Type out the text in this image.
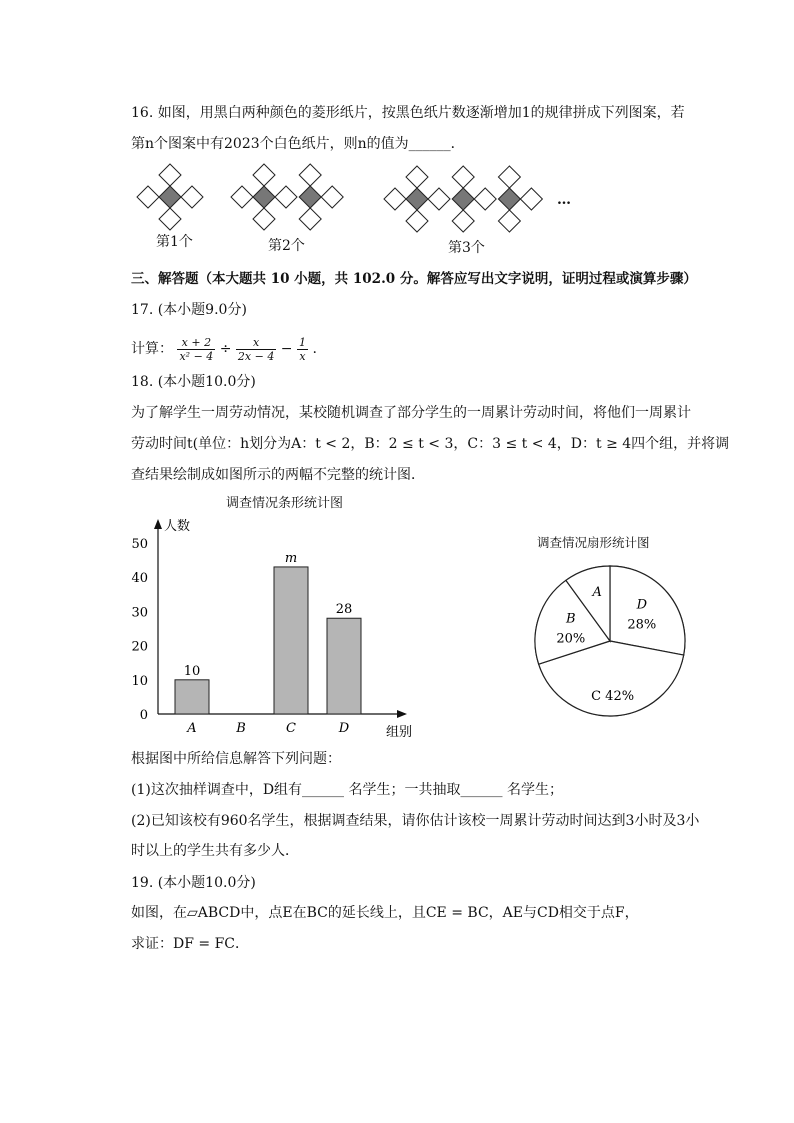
16. 如图，用黑白两种颜色的菱形纸片，按黑色纸片数逐渐增加1的规律拼成下列图案，若
第n个图案中有2023个白色纸片，则n的值为______．
第1个	第2个	第3个
…
三、解答题（本大题共 10 小题，共 102.0 分。解答应写出文字说明，证明过程或演算步骤）
17. (本小题9.0分)
计算： $\frac{x + 2}{\text{x² − 4}} \div \frac{x}{2x - 4} - \frac{1}{x}$ .
18. (本小题10.0分)
为了解学生一周劳动情况，某校随机调查了部分学生的一周累计劳动时间，将他们一周累计
劳动时间t(单位：h划分为A：t < 2，B：2 ≤ t < 3，C：3 ≤ t < 4，D：t ≥ 4四个组，并将调
查结果绘制成如图所示的两幅不完整的统计图．
调查情况条形统计图
人数
组别
0
10
20
30
40
50
A
10
B	C
m
D
28
调查情况扇形统计图
D
28%
C 42%
B
20%
A
根据图中所给信息解答下列问题：
(1)这次抽样调查中，D组有______ 名学生；一共抽取______ 名学生；
(2)已知该校有960名学生，根据调查结果，请你估计该校一周累计劳动时间达到3小时及3小
时以上的学生共有多少人．
19. (本小题10.0分)
如图，在▱ABCD中，点E在BC的延长线上，且CE = BC，AE与CD相交于点F，
求证：DF = FC．
